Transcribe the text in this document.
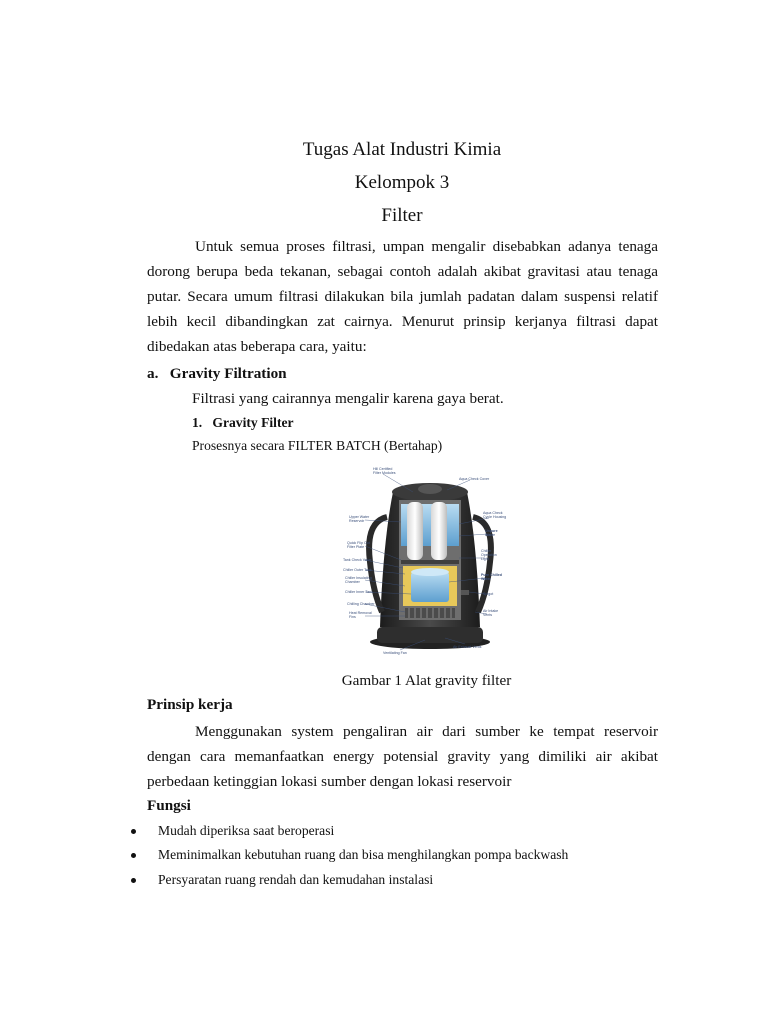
Tugas Alat Industri Kimia
Kelompok 3
Filter
Untuk semua proses filtrasi, umpan mengalir disebabkan adanya tenaga dorong berupa beda tekanan, sebagai contoh adalah akibat gravitasi atau tenaga putar. Secara umum filtrasi dilakukan bila jumlah padatan dalam suspensi relatif lebih kecil dibandingkan zat cairnya. Menurut prinsip kerjanya filtrasi dapat dibedakan atas beberapa cara, yaitu:
a.   Gravity Filtration
Filtrasi yang cairannya mengalir karena gaya berat.
1.   Gravity Filter
Prosesnya secara FILTER BATCH (Bertahap)
Hill Certified
Filter Modules
Aqua Check Cover
Upper Water
Reservoir
Aqua Check
Cycle Housing
Unpure
Water
Quick Flip Out
Filter Plate
Chiller
Operation
Light
Tank Check Valve
Chiller Outer Tank
Pure Chilled
Water
Chiller Insulating
Chamber
Chiller Inner Tank	Spigot
Chilling Chamber
Heat Removal
Fins
Air Intake
Vents
Ventilating Fan
Air Exhaust Vents
Gambar 1 Alat gravity filter
Prinsip kerja
Menggunakan system pengaliran air dari sumber ke tempat reservoir dengan cara memanfaatkan energy potensial gravity yang dimiliki air akibat perbedaan ketinggian lokasi sumber dengan lokasi reservoir
Fungsi
Mudah diperiksa saat beroperasi
Meminimalkan kebutuhan ruang dan bisa menghilangkan pompa backwash
Persyaratan ruang rendah dan kemudahan instalasi
